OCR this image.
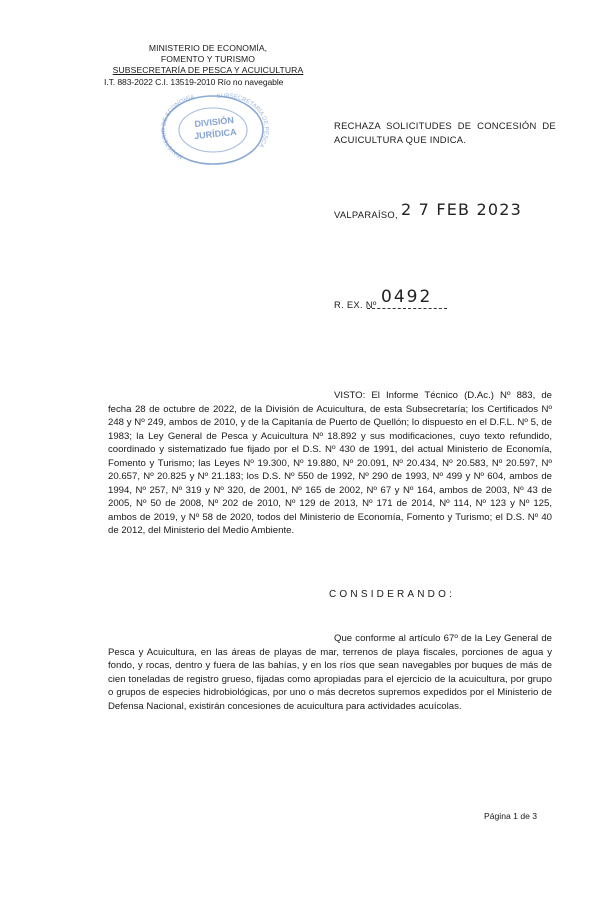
MINISTERIO DE ECONOMÍA,
FOMENTO Y TURISMO
SUBSECRETARÍA DE PESCA Y ACUICULTURA
I.T. 883-2022 C.I. 13519-2010 Río no navegable
MINISTERIO DE ECONOMÍA	SUBSECRETARÍA DE PESCA
DIVISIÓN
JURÍDICA
RECHAZA SOLICITUDES DE CONCESIÓN DE ACUICULTURA QUE INDICA.
VALPARAÍSO, 2 7 FEB 2023
R. EX. Nº 0492
VISTO: El Informe Técnico (D.Ac.) Nº 883, de fecha 28 de octubre de 2022, de la División de Acuicultura, de esta Subsecretaría; los Certificados Nº 248 y Nº 249, ambos de 2010, y de la Capitanía de Puerto de Quellón; lo dispuesto en el D.F.L. Nº 5, de 1983; la Ley General de Pesca y Acuicultura Nº 18.892 y sus modificaciones, cuyo texto refundido, coordinado y sistematizado fue fijado por el D.S. Nº 430 de 1991, del actual Ministerio de Economía, Fomento y Turismo; las Leyes Nº 19.300, Nº 19.880, Nº 20.091, Nº 20.434, Nº 20.583, Nº 20.597, Nº 20.657, Nº 20.825 y Nº 21.183; los D.S. Nº 550 de 1992, Nº 290 de 1993, Nº 499 y Nº 604, ambos de 1994, Nº 257, Nº 319 y Nº 320, de 2001, Nº 165 de 2002, Nº 67 y Nº 164, ambos de 2003, Nº 43 de 2005, Nº 50 de 2008, Nº 202 de 2010, Nº 129 de 2013, Nº 171 de 2014, Nº 114, Nº 123 y Nº 125, ambos de 2019, y Nº 58 de 2020, todos del Ministerio de Economía, Fomento y Turismo; el D.S. Nº 40 de 2012, del Ministerio del Medio Ambiente.
CONSIDERANDO:
Que conforme al artículo 67º de la Ley General de Pesca y Acuicultura, en las áreas de playas de mar, terrenos de playa fiscales, porciones de agua y fondo, y rocas, dentro y fuera de las bahías, y en los ríos que sean navegables por buques de más de cien toneladas de registro grueso, fijadas como apropiadas para el ejercicio de la acuicultura, por grupo o grupos de especies hidrobiológicas, por uno o más decretos supremos expedidos por el Ministerio de Defensa Nacional, existirán concesiones de acuicultura para actividades acuícolas.
Página 1 de 3
